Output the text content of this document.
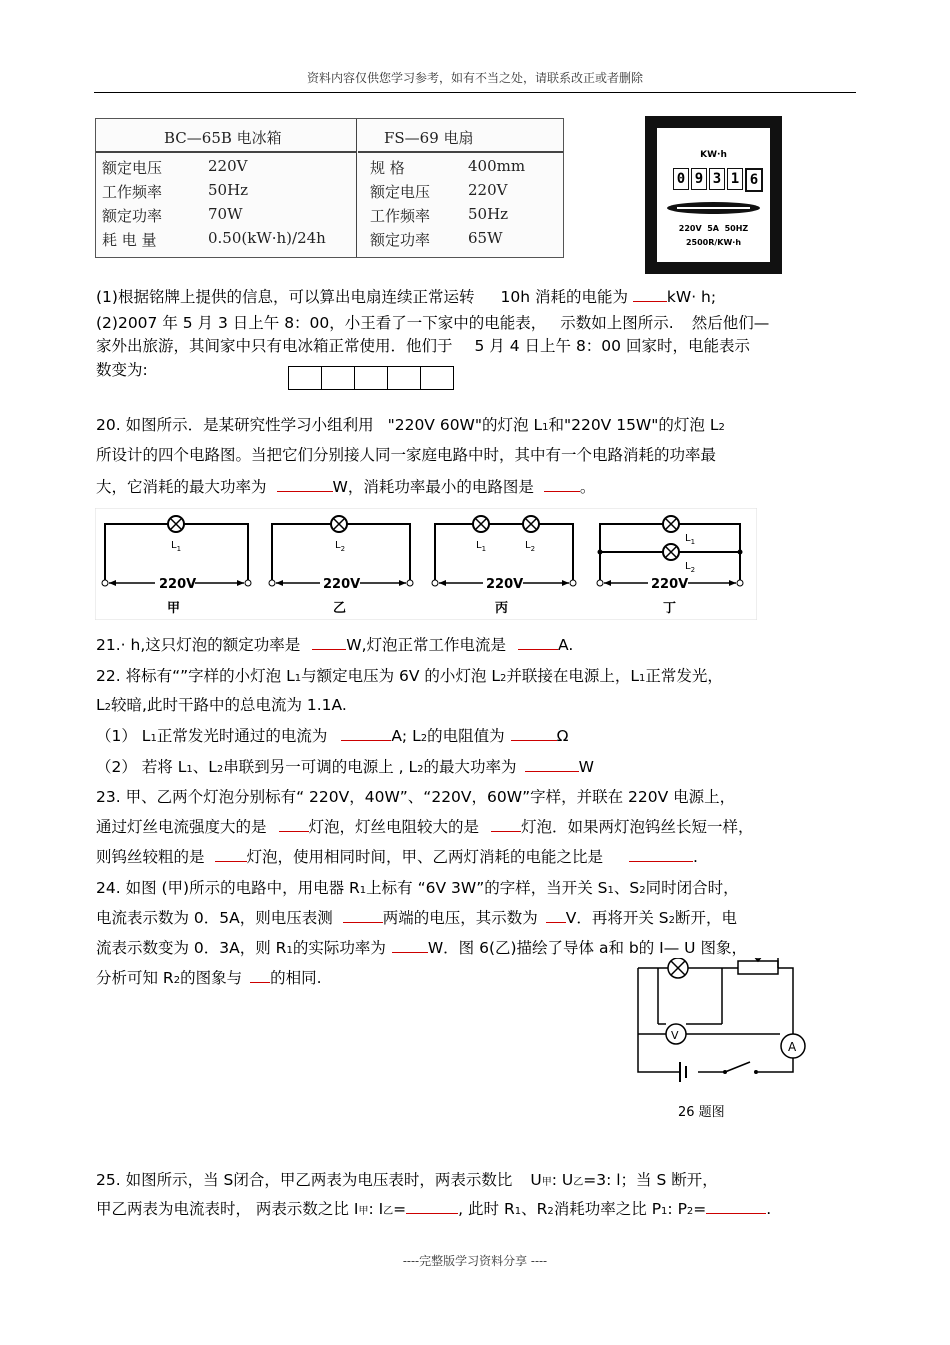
资料内容仅供您学习参考，如有不当之处，请联系改正或者删除
BC—65B 电冰箱
额定电压	220V
工作频率	50Hz
额定功率	70W
耗 电 量	0.50(kW·h)/24h
FS—69 电扇
规 格	400mm
额定电压	220V
工作频率	50Hz
额定功率	65W
KW·h
0 9 3 1 6
220V  5A  50HZ
2500R/KW·h
(1)根据铭牌上提供的信息，可以算出电扇连续正常运转 10h 消耗的电能为	kW· h;
(2)2007 年 5 月 3 日上午 8：00，小王看了一下家中的电能表， 示数如上图所示. 然后他们—
家外出旅游，其间家中只有电冰箱正常使用．他们于 5 月 4 日上午 8：00 回家时，电能表示
数变为:
20. 如图所示．是某研究性学习小组利用 "220V 60W"的灯泡 L1和"220V 15W"的灯泡 L2
所设计的四个电路图。当把它们分别接人同一家庭电路中时，其中有一个电路消耗的功率最
大，它消耗的最大功率为	W，消耗功率最小的电路图是	。
$L_1$
220V
甲
$L_2$
220V
乙
$L_1$	$L_2$
220V
丙
$L_1$
$L_2$
220V
丁
21.· h,这只灯泡的额定功率是	W,灯泡正常工作电流是	A.
22. 将标有“”字样的小灯泡 L1与额定电压为 6V 的小灯泡 L2并联接在电源上，L1正常发光，
L2较暗,此时干路中的总电流为 1.1A.
（1） L1正常发光时通过的电流为	A; L2的电阻值为	Ω
（2） 若将 L1、L2串联到另一可调的电源上 , L2的最大功率为	W
23. 甲、乙两个灯泡分别标有“ 220V，40W”、“220V，60W”字样，并联在 220V 电源上，
通过灯丝电流强度大的是	灯泡，灯丝电阻较大的是	灯泡．如果两灯泡钨丝长短一样，
则钨丝较粗的是	灯泡，使用相同时间，甲、乙两灯消耗的电能之比是	.
24. 如图 (甲)所示的电路中，用电器 R1上标有 “6V 3W”的字样，当开关 S1、S2同时闭合时，
电流表示数为 0．5A，则电压表测	两端的电压，其示数为 V．再将开关 S2断开，电
流表示数变为 0．3A，则 R1的实际功率为	W．图 6(乙)描绘了导体 a和 b的 I— U 图象，
分析可知 R2的图象与 的相同.
V
A
26 题图
25. 如图所示，当 S闭合，甲乙两表为电压表时，两表示数比 U甲: U乙=3: l；当 S 断开，
甲乙两表为电流表时， 两表示数之比 I甲: I乙=	, 此时 R1、R2消耗功率之比 P1: P2=	.
----完整版学习资料分享 ----
